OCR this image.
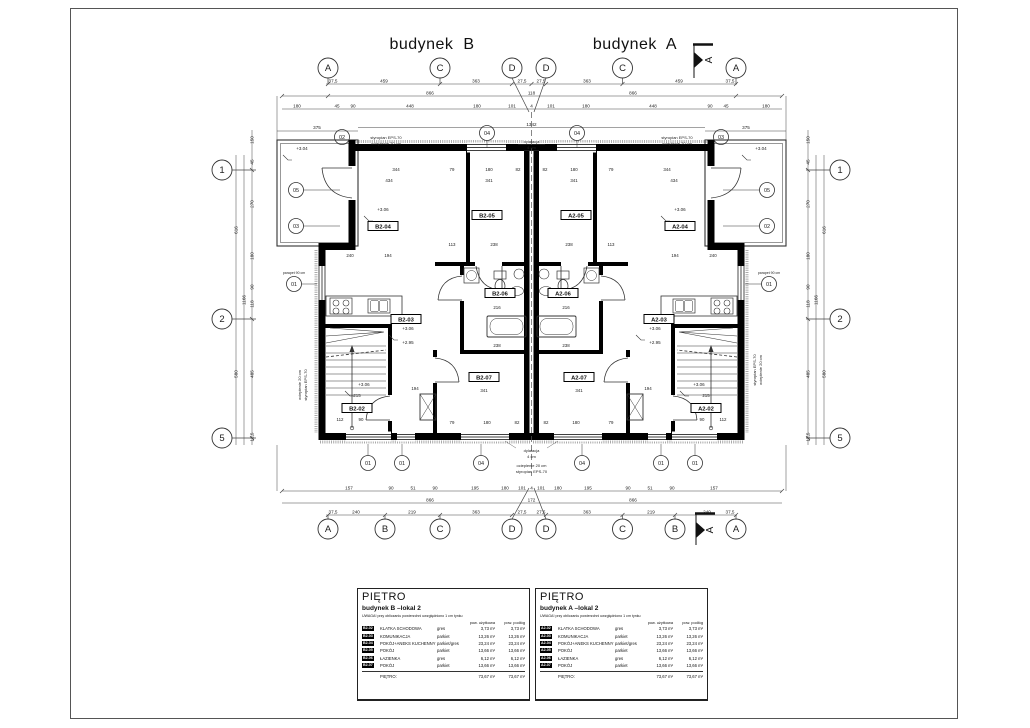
A	C	D	D	C	A
A	B	C	D	D	C	B	A
1
2
5
1
2
5
02
04	04
03
05
03
01
05
02
01
01	01	04	04	01	01
37,5	459	363	27,5 27,5	363	459	37,5
866	118	866
180	45 90	448	180	101	4	101	180	448	90 45	180
375
1342
375
157	90	51	90	195	180 101 4 101 180	195	90	51	90	157
866	172	866
37,5	240	219	363	27,5 27,5	363	219	240	37,5
150
45
270
180
90
118
485
12,5
1166
616
580
150
45
270
180
90
118
485
12,5
1166
616
580
344
434
79	180	82
341
240	194
113	238
216
238
341
215
194
112	90
79	180	82
344
434
79
180
82
341
240
194
113
238
216
238
341
215
194
112
90
79
180
82
B2-04
B2-05
B2-06
B2-03
B2-07
B2-02
A2-04
A2-05
A2-06
A2-03
A2-07
A2-02
+3.06	+3.06
+3.04	+3.04
+3.06	+3.06
+2.95	+2.95
+3.06	+3.06
styropian EPS-70
ocieplenie 20 cm
styropian EPS-70
ocieplenie 20 cm
dylatacja
4 cm
dylatacja
4 cm
ocieplenie 20 cm
styropian EPS-70
ocieplenie 20 cm styropian EPS-70	ocieplenie 20 cm
styropian EPS-70
parapet 90 cm	parapet 90 cm
budynek B	budynek A
A
A
PIĘTRO
budynek B –lokal 2
UWAGA! przy obliczaniu powierzchni uwzględniono 1 cm tynku
pow. użytkowa	pow. podłóg
B2-02 KLATKA SCHODOWA	gres	3,73 m²	3,73 m²
B2-03 KOMUNIKACJA	parkiet	13,26 m²	13,26 m²
B2-04 POKÓJ+ANEKS KUCHENNY parkiet/gres	23,24 m²	23,24 m²
B2-05 POKÓJ	parkiet	13,66 m²	13,66 m²
B2-06 ŁAZIENKA	gres	6,12 m²	6,12 m²
B2-07 POKÓJ	parkiet	13,66 m²	13,66 m²
PIĘTRO:	73,67 m²	73,67 m²
PIĘTRO
budynek A –lokal 2
UWAGA! przy obliczaniu powierzchni uwzględniono 1 cm tynku
pow. użytkowa	pow. podłóg
A2-02 KLATKA SCHODOWA	gres	3,73 m²	3,73 m²
A2-03 KOMUNIKACJA	parkiet	13,26 m²	13,26 m²
A2-04 POKÓJ+ANEKS KUCHENNY parkiet/gres	23,24 m²	23,24 m²
A2-05 POKÓJ	parkiet	13,66 m²	13,66 m²
A2-06 ŁAZIENKA	gres	6,12 m²	6,12 m²
A2-07 POKÓJ	parkiet	13,66 m²	13,66 m²
PIĘTRO:	73,67 m²	73,67 m²
